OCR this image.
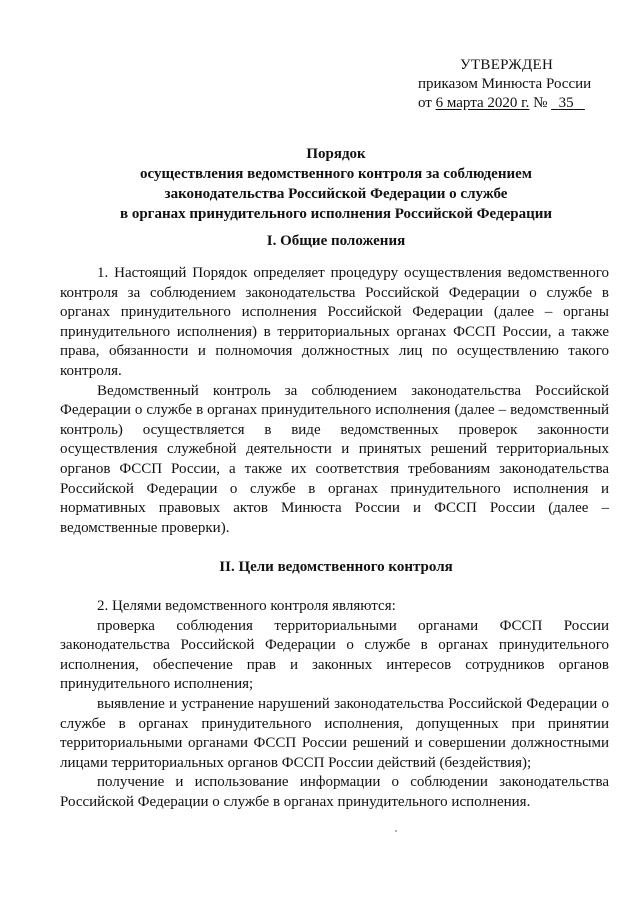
УТВЕРЖДЕН
приказом Минюста России
от 6 марта 2020 г. № 35
Порядок
осуществления ведомственного контроля за соблюдением
законодательства Российской Федерации о службе
в органах принудительного исполнения Российской Федерации
I. Общие положения

1. Настоящий Порядок определяет процедуру осуществления ведомственного контроля за соблюдением законодательства Российской Федерации о службе в органах принудительного исполнения Российской Федерации (далее – органы принудительного исполнения) в территориальных органах ФССП России, а также права, обязанности и полномочия должностных лиц по осуществлению такого контроля.

Ведомственный контроль за соблюдением законодательства Российской Федерации о службе в органах принудительного исполнения (далее – ведомственный контроль) осуществляется в виде ведомственных проверок законности осуществления служебной деятельности и принятых решений территориальных органов ФССП России, а также их соответствия требованиям законодательства Российской Федерации о службе в органах принудительного исполнения и нормативных правовых актов Минюста России и ФССП России (далее – ведомственные проверки).

II. Цели ведомственного контроля

2. Целями ведомственного контроля являются:

проверка соблюдения территориальными органами ФССП России законодательства Российской Федерации о службе в органах принудительного исполнения, обеспечение прав и законных интересов сотрудников органов принудительного исполнения;

выявление и устранение нарушений законодательства Российской Федерации о службе в органах принудительного исполнения, допущенных при принятии территориальными органами ФССП России решений и совершении должностными лицами территориальных органов ФССП России действий (бездействия);

получение и использование информации о соблюдении законодательства Российской Федерации о службе в органах принудительного исполнения.
